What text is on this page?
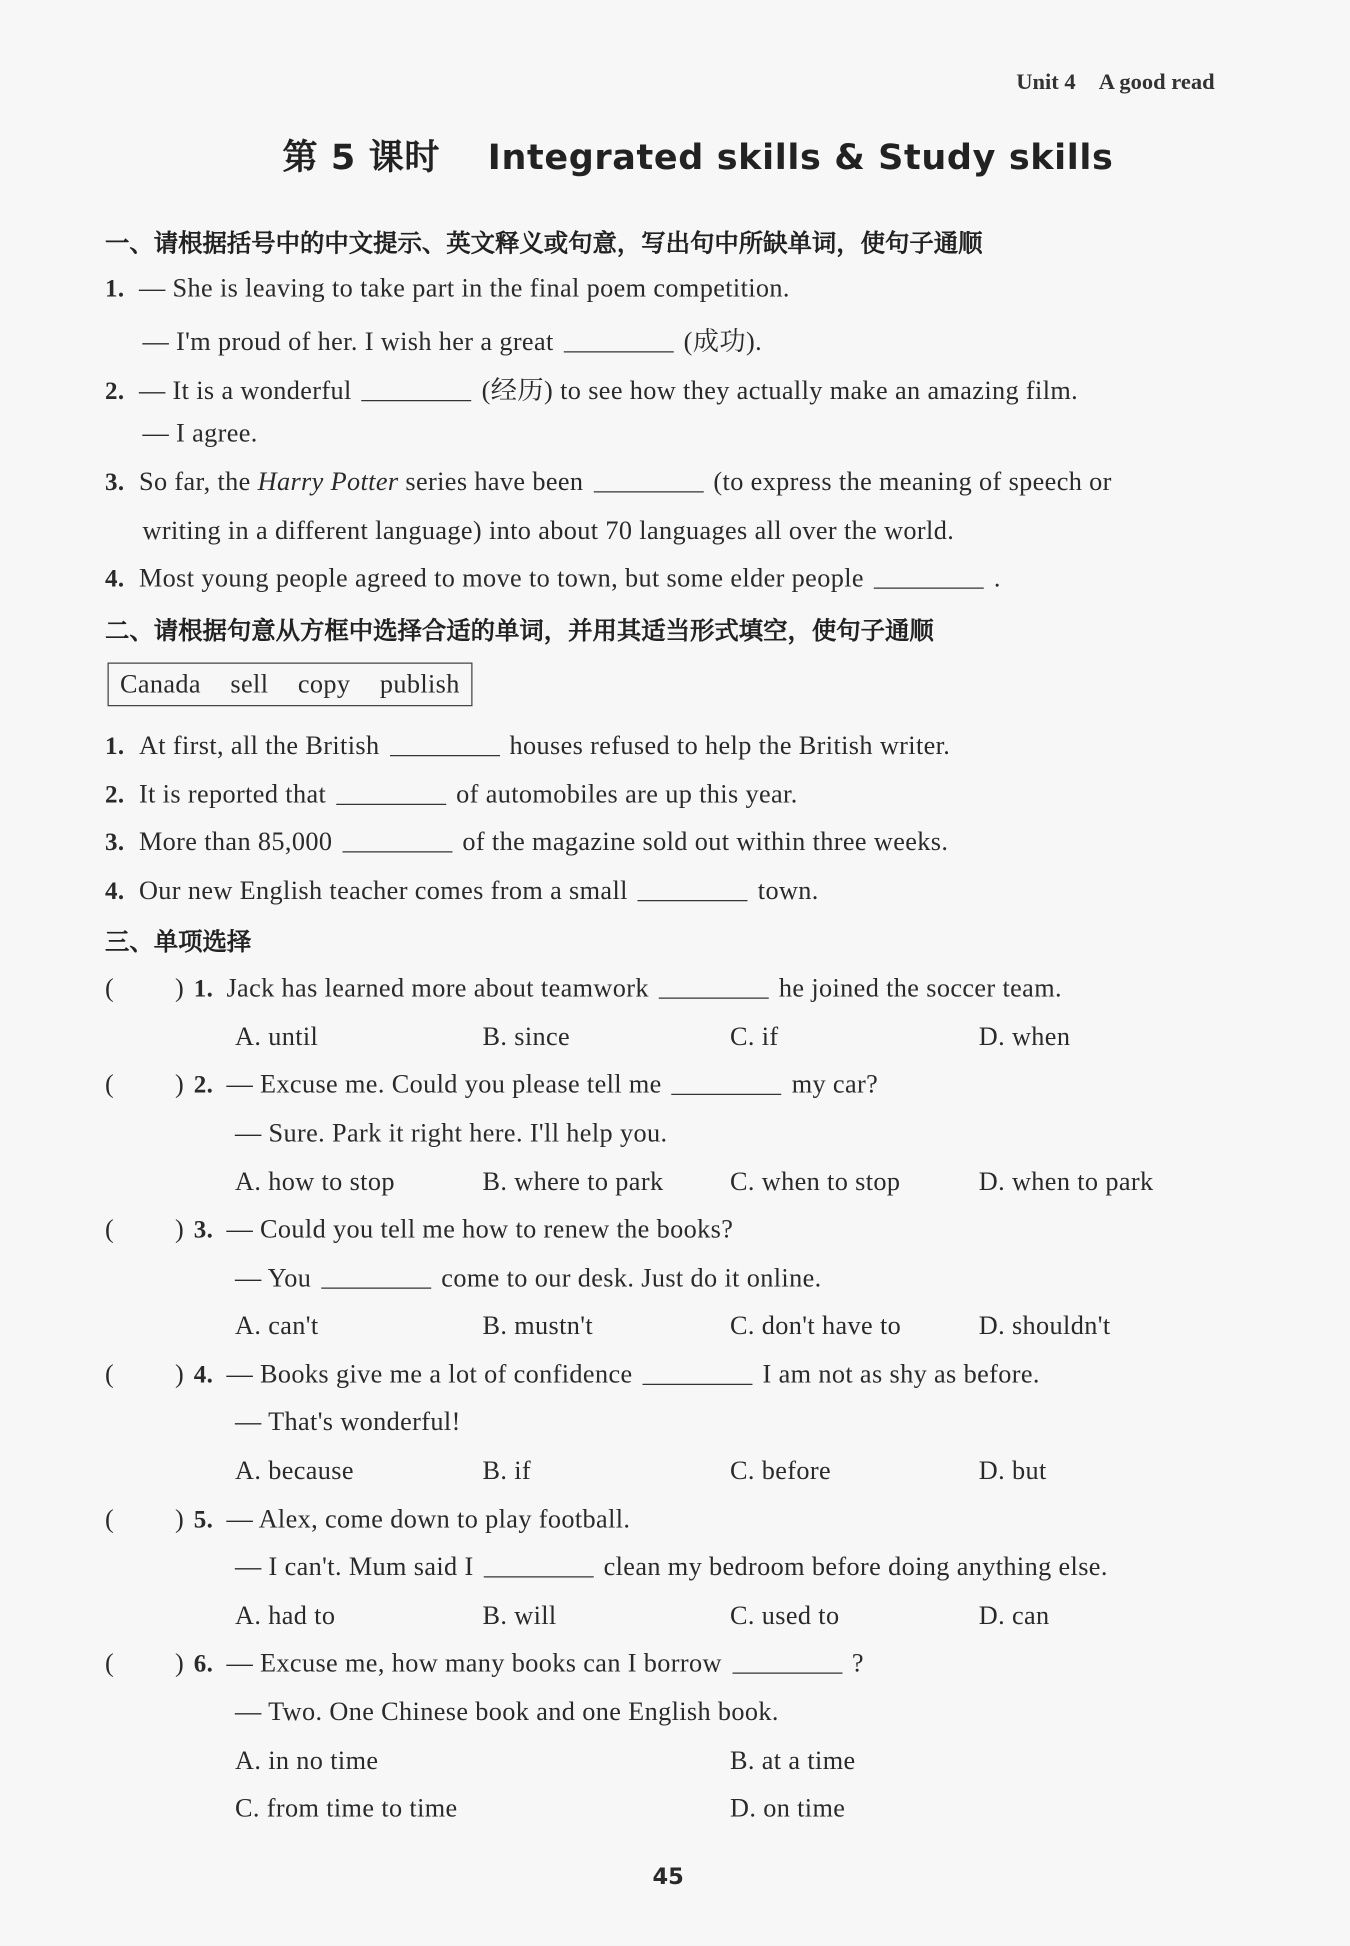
Unit 4 A good read
第 5 课时 Integrated skills & Study skills
一、请根据括号中的中文提示、英文释义或句意，写出句中所缺单词，使句子通顺
1. — She is leaving to take part in the final poem competition.
— I'm proud of her. I wish her a great	(成功).
2. — It is a wonderful	(经历) to see how they actually make an amazing film.
— I agree.
3. So far, the Harry Potter series have been	(to express the meaning of speech or
writing in a different language) into about 70 languages all over the world.
4. Most young people agreed to move to town, but some elder people	.
二、请根据句意从方框中选择合适的单词，并用其适当形式填空，使句子通顺
Canada sell copy publish
1. At first, all the British	houses refused to help the British writer.
2. It is reported that	of automobiles are up this year.
3. More than 85,000	of the magazine sold out within three weeks.
4. Our new English teacher comes from a small	town.
三、单项选择
(	) 1. Jack has learned more about teamwork	he joined the soccer team.
A. until	B. since	C. if	D. when
(	) 2. — Excuse me. Could you please tell me	my car?
— Sure. Park it right here. I'll help you.
A. how to stop	B. where to park	C. when to stop	D. when to park
(	) 3. — Could you tell me how to renew the books?
— You	come to our desk. Just do it online.
A. can't	B. mustn't	C. don't have to	D. shouldn't
(	) 4. — Books give me a lot of confidence	I am not as shy as before.
— That's wonderful!
A. because	B. if	C. before	D. but
(	) 5. — Alex, come down to play football.
— I can't. Mum said I	clean my bedroom before doing anything else.
A. had to	B. will	C. used to	D. can
(	) 6. — Excuse me, how many books can I borrow	?
— Two. One Chinese book and one English book.
A. in no time	B. at a time
C. from time to time	D. on time
45
